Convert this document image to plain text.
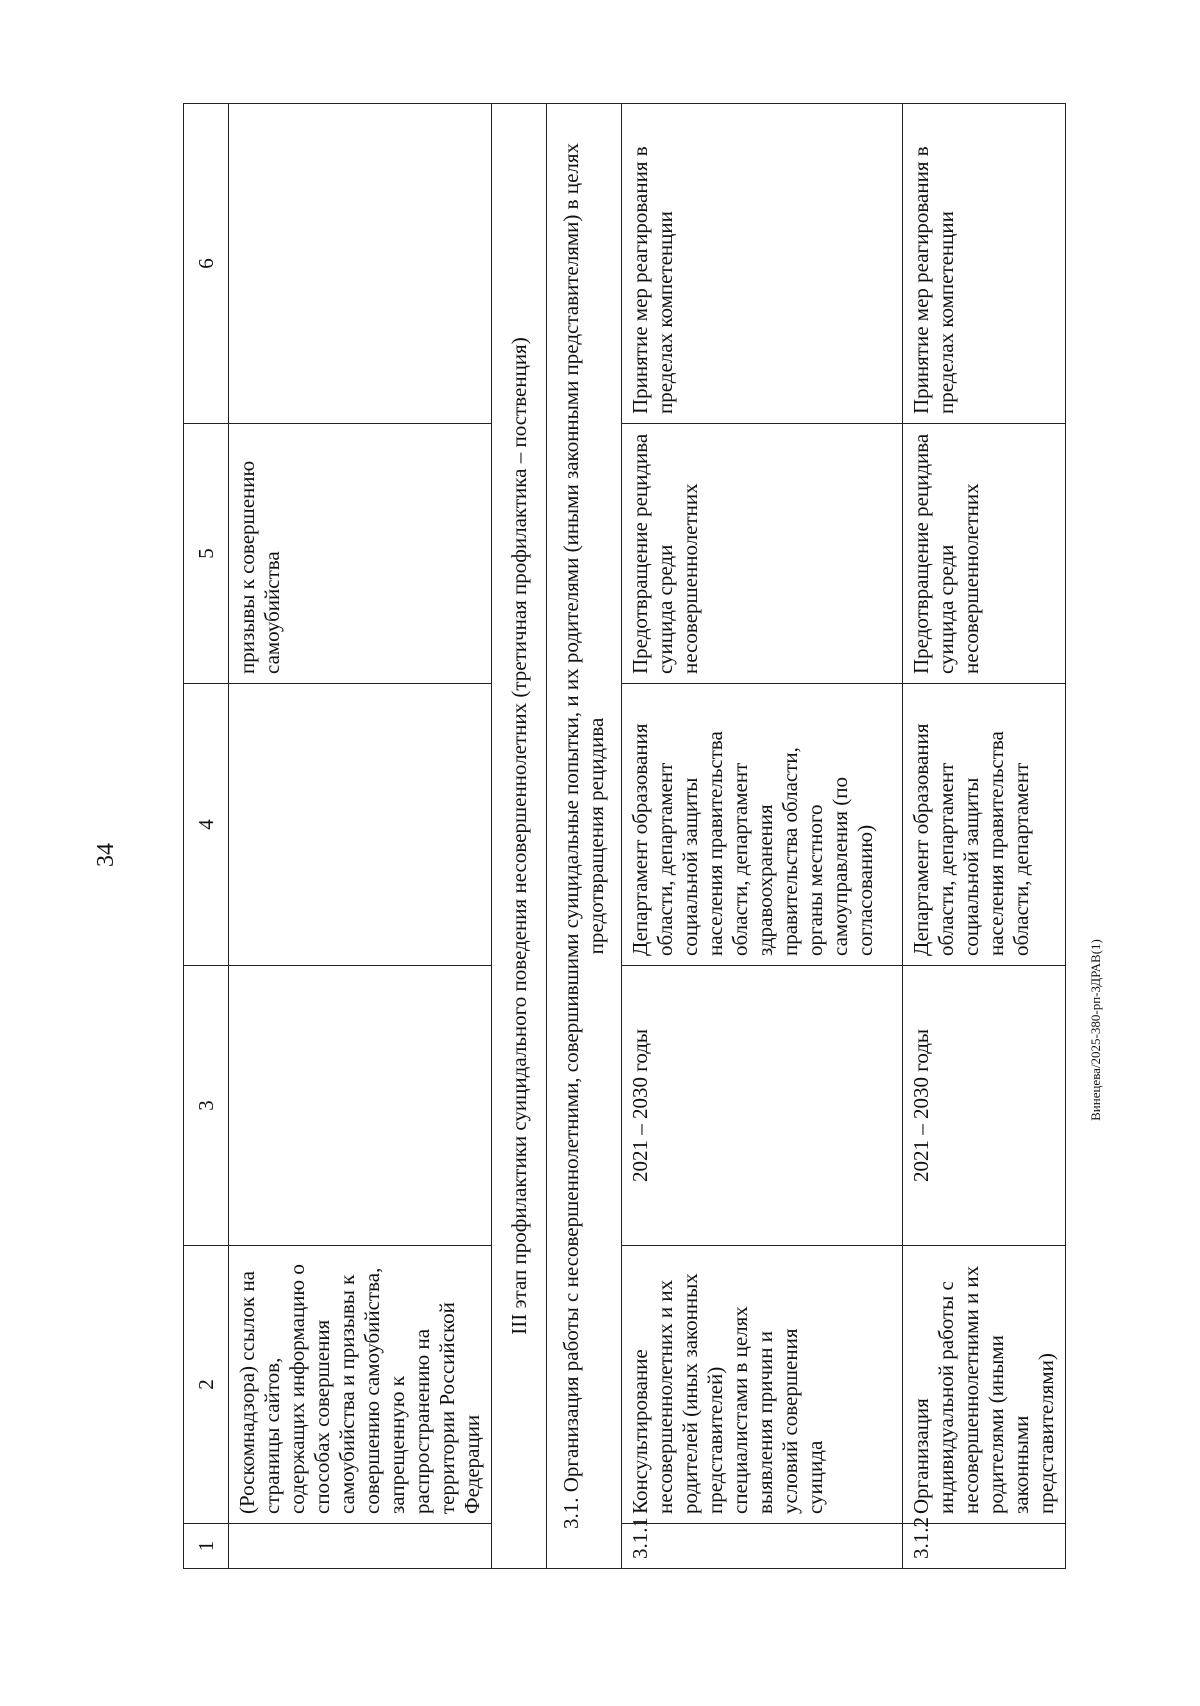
34
1	2	3	4	5	6
	(Роскомнадзора) ссылок на страницы сайтов, содержащих информацию о способах совершения самоубийства и призывы к совершению самоубийства, запрещенную к распространению на территории Российской Федерации			призывы к совершению самоубийства	
III этап профилактики суицидального поведения несовершеннолетних (третичная профилактика – поственция)					
3.1. Организация работы с несовершеннолетними, совершившими суицидальные попытки, и их родителями (иными законными представителями) в целях предотвращения рецидива					
3.1.1	Консультирование несовершеннолетних и их родителей (иных законных представителей) специалистами в целях выявления причин и условий совершения суицида	2021 – 2030 годы	Департамент образования области, департамент социальной защиты населения правительства области, департамент здравоохранения правительства области, органы местного самоуправления (по согласованию)	Предотвращение рецидива суицида среди несовершеннолетних	Принятие мер реагирования в пределах компетенции
3.1.2	Организация индивидуальной работы с несовершеннолетними и их родителями (иными законными представителями)	2021 – 2030 годы	Департамент образования области, департамент социальной защиты населения правительства области, департамент	Предотвращение рецидива суицида среди несовершеннолетних	Принятие мер реагирования в пределах компетенции
Винецева/2025-380-рп-ЗДРАВ(1)
